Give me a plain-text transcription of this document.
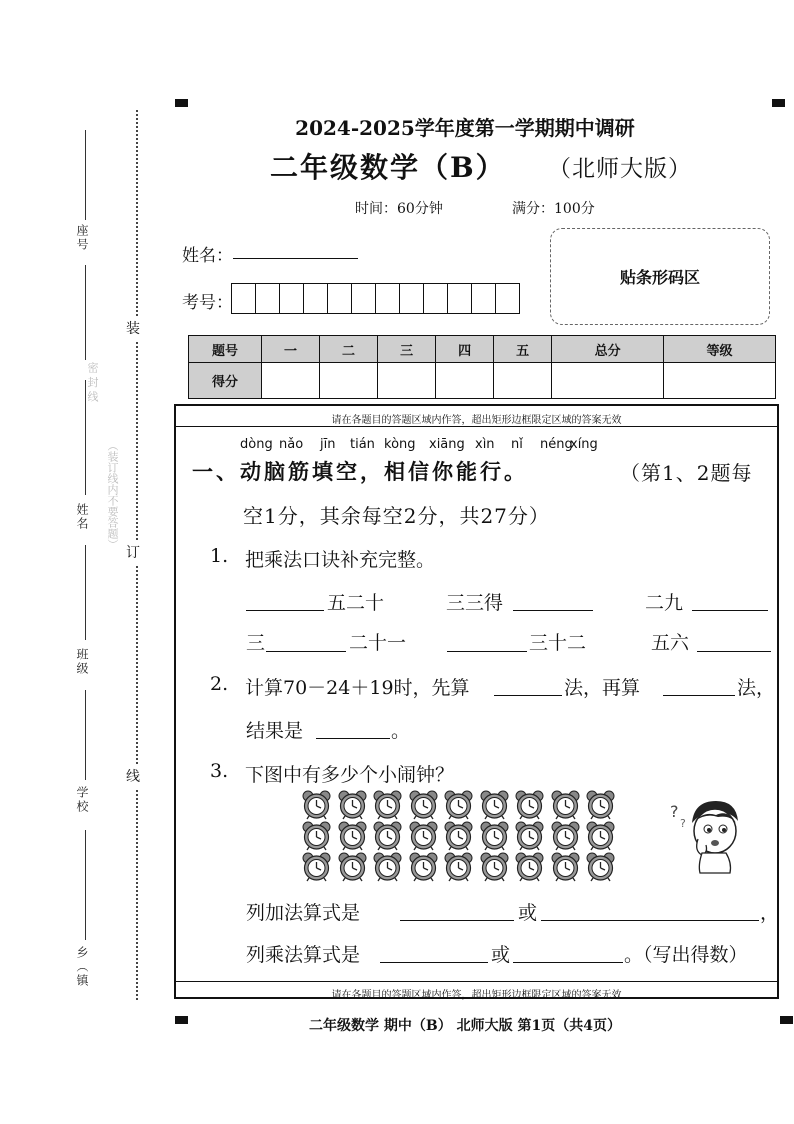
座号
姓名
班级
学校
乡（镇
（装订线内不要答题）
密 封 线
装
订
线
2024-2025学年度第一学期期中调研
二年级数学（B） （北师大版）
时间：60分钟	满分：100分
姓名：
考号：
贴条形码区
题号	一	二	三	四	五	总分	等级
得分							
请在各题目的答题区域内作答，超出矩形边框限定区域的答案无效
请在各题目的答题区域内作答，超出矩形边框限定区域的答案无效
dòng nǎo jīn tián kòng xiāng xìn nǐ néng
xíng
一、动脑筋填空，相信你能行。	（第1、2题每
空1分，其余每空2分，共27分）
1. 把乘法口诀补充完整。
五二十	三三得	二九
三	二十一	三十二	五六
2. 计算70－24＋19时，先算	法，再算	法，
结果是	。
3. 下图中有多少个小闹钟？
?
?
列加法算式是	或	，
列乘法算式是	或	。（写出得数）
二年级数学 期中（B） 北师大版 第1页（共4页）
